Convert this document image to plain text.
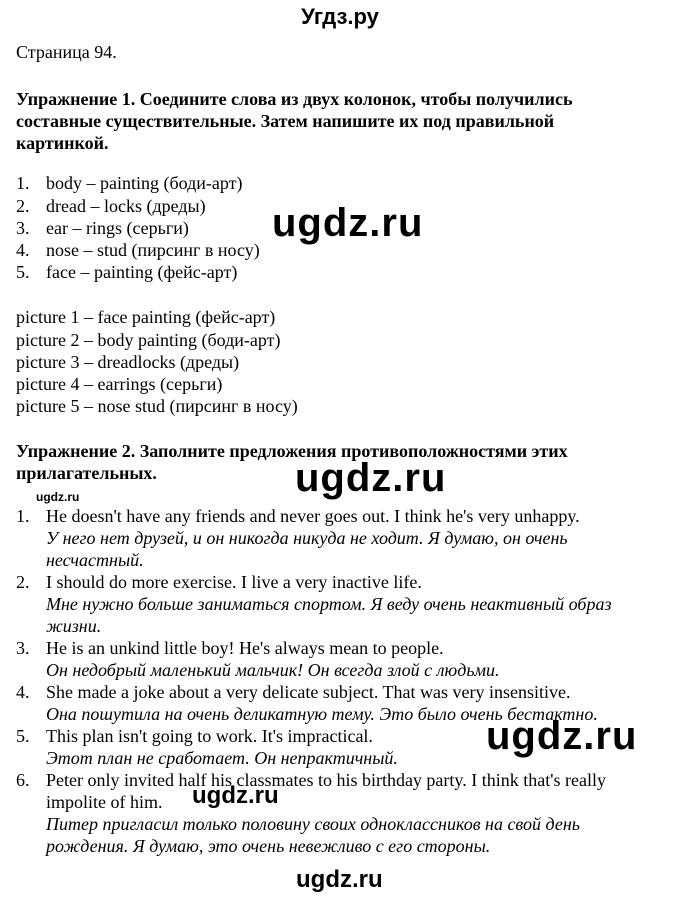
Угдз.ру
Страница 94.
Упражнение 1. Соедините слова из двух колонок, чтобы получились
составные существительные. Затем напишите их под правильной
картинкой.
1. body – painting (боди-арт)
2. dread – locks (дреды)
3. ear – rings (серьги)
4. nose – stud (пирсинг в носу)
5. face – painting (фейс-арт)
picture 1 – face painting (фейс-арт)
picture 2 – body painting (боди-арт)
picture 3 – dreadlocks (дреды)
picture 4 – earrings (серьги)
picture 5 – nose stud (пирсинг в носу)
Упражнение 2. Заполните предложения противоположностями этих
прилагательных.
1. He doesn't have any friends and never goes out. I think he's very unhappy.
У него нет друзей, и он никогда никуда не ходит. Я думаю, он очень
несчастный.
2. I should do more exercise. I live a very inactive life.
Мне нужно больше заниматься спортом. Я веду очень неактивный образ
жизни.
3. He is an unkind little boy! He's always mean to people.
Он недобрый маленький мальчик! Он всегда злой с людьми.
4. She made a joke about a very delicate subject. That was very insensitive.
Она пошутила на очень деликатную тему. Это было очень бестактно.
5. This plan isn't going to work. It's impractical.
Этот план не сработает. Он непрактичный.
6. Peter only invited half his classmates to his birthday party. I think that's really
impolite of him.
Питер пригласил только половину своих одноклассников на свой день
рождения. Я думаю, это очень невежливо с его стороны.
ugdz.ru
ugdz.ru
ugdz.ru
ugdz.ru
ugdz.ru
ugdz.ru
